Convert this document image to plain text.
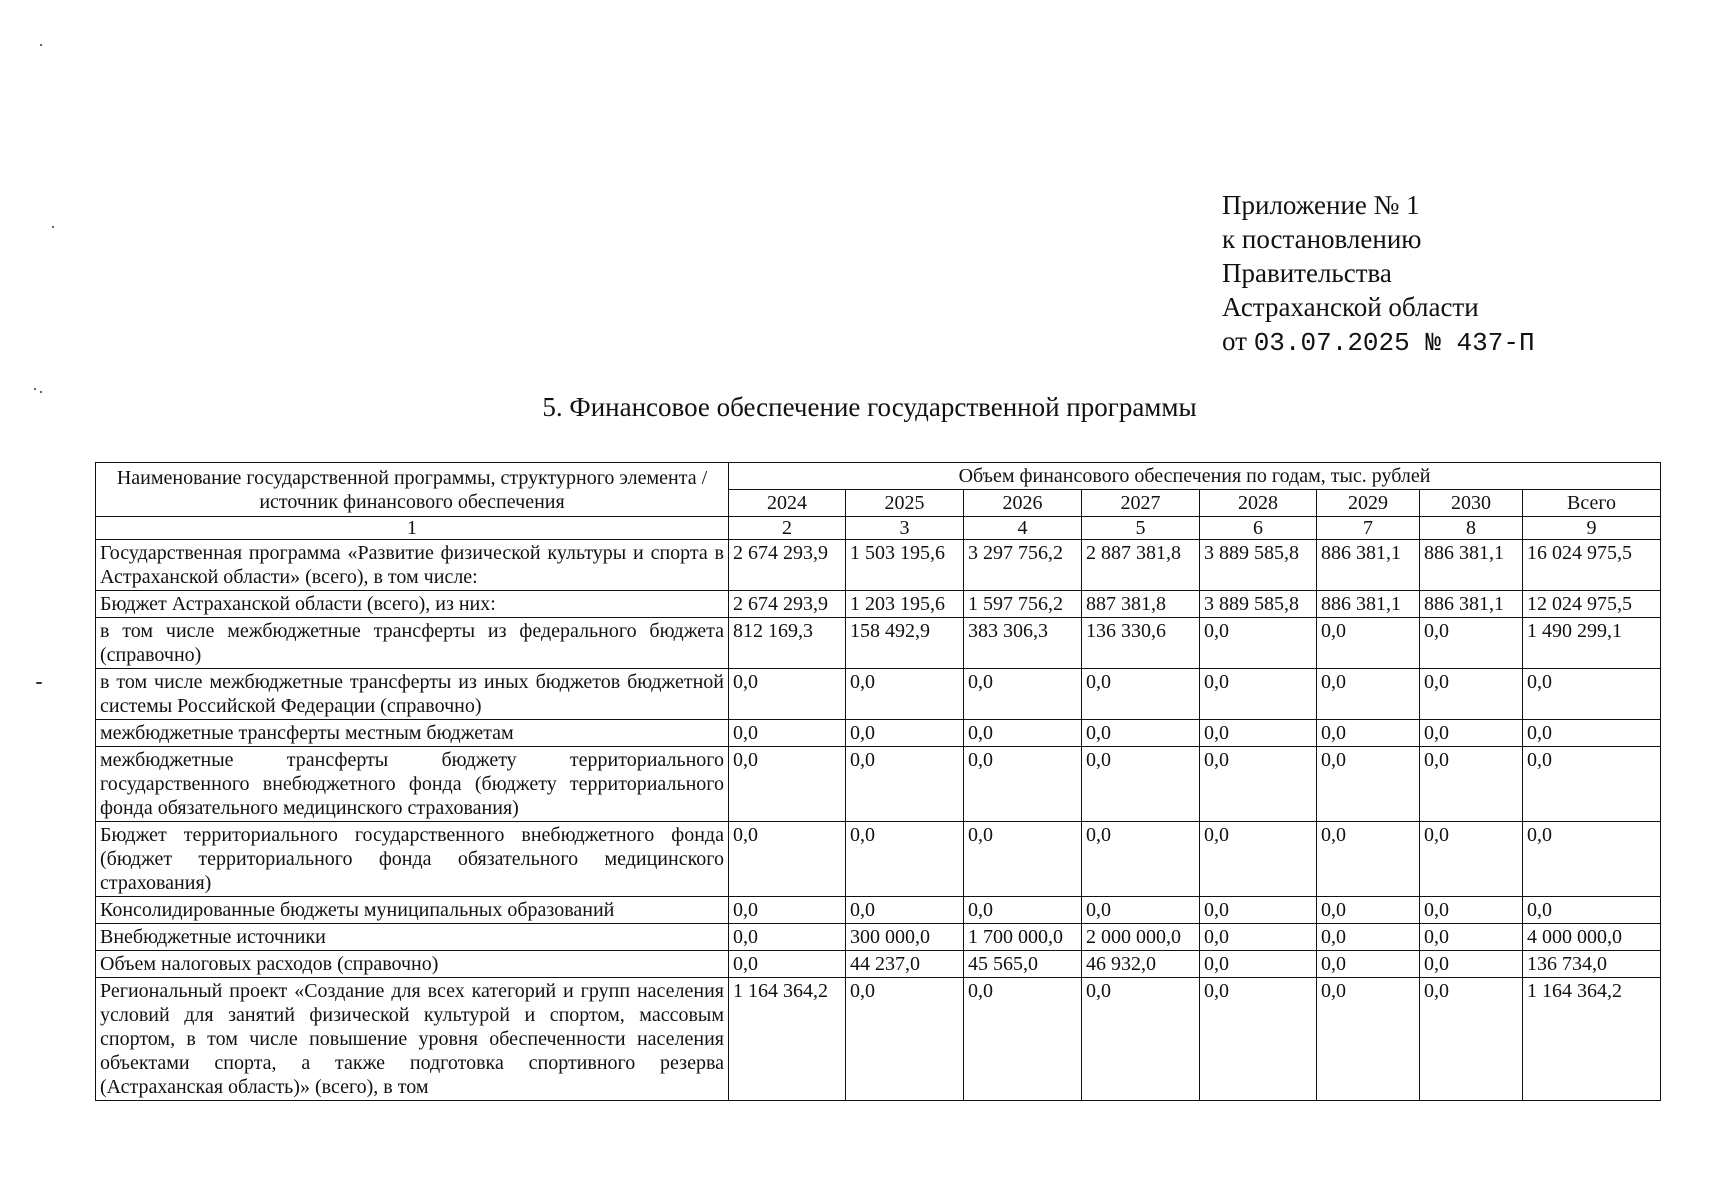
Приложение № 1
к постановлению
Правительства
Астраханской области
от 03.07.2025 № 437-П
5. Финансовое обеспечение государственной программы
Наименование государственной программы, структурного элемента / источник финансового обеспечения	Объем финансового обеспечения по годам, тыс. рублей							
	2024	2025	2026	2027	2028	2029	2030	Всего
1	2	3	4	5	6	7	8	9
Государственная программа «Развитие физической культуры и спорта в Астраханской области» (всего), в том числе:	2 674 293,9	1 503 195,6	3 297 756,2	2 887 381,8	3 889 585,8	886 381,1	886 381,1	16 024 975,5
Бюджет Астраханской области (всего), из них:	2 674 293,9	1 203 195,6	1 597 756,2	887 381,8	3 889 585,8	886 381,1	886 381,1	12 024 975,5
в том числе межбюджетные трансферты из федерального бюджета (справочно)	812 169,3	158 492,9	383 306,3	136 330,6	0,0	0,0	0,0	1 490 299,1
в том числе межбюджетные трансферты из иных бюджетов бюджетной системы Российской Федерации (справочно)	0,0	0,0	0,0	0,0	0,0	0,0	0,0	0,0
межбюджетные трансферты местным бюджетам	0,0	0,0	0,0	0,0	0,0	0,0	0,0	0,0
межбюджетные трансферты бюджету территориального государственного внебюджетного фонда (бюджету территориального фонда обязательного медицинского страхования)	0,0	0,0	0,0	0,0	0,0	0,0	0,0	0,0
Бюджет территориального государственного внебюджетного фонда (бюджет территориального фонда обязательного медицинского страхования)	0,0	0,0	0,0	0,0	0,0	0,0	0,0	0,0
Консолидированные бюджеты муниципальных образований	0,0	0,0	0,0	0,0	0,0	0,0	0,0	0,0
Внебюджетные источники	0,0	300 000,0	1 700 000,0	2 000 000,0	0,0	0,0	0,0	4 000 000,0
Объем налоговых расходов (справочно)	0,0	44 237,0	45 565,0	46 932,0	0,0	0,0	0,0	136 734,0
Региональный проект «Создание для всех категорий и групп населения условий для занятий физической культурой и спортом, массовым спортом, в том числе повышение уровня обеспеченности населения объектами спорта, а также подготовка спортивного резерва (Астраханская область)» (всего), в том	1 164 364,2	0,0	0,0	0,0	0,0	0,0	0,0	1 164 364,2
